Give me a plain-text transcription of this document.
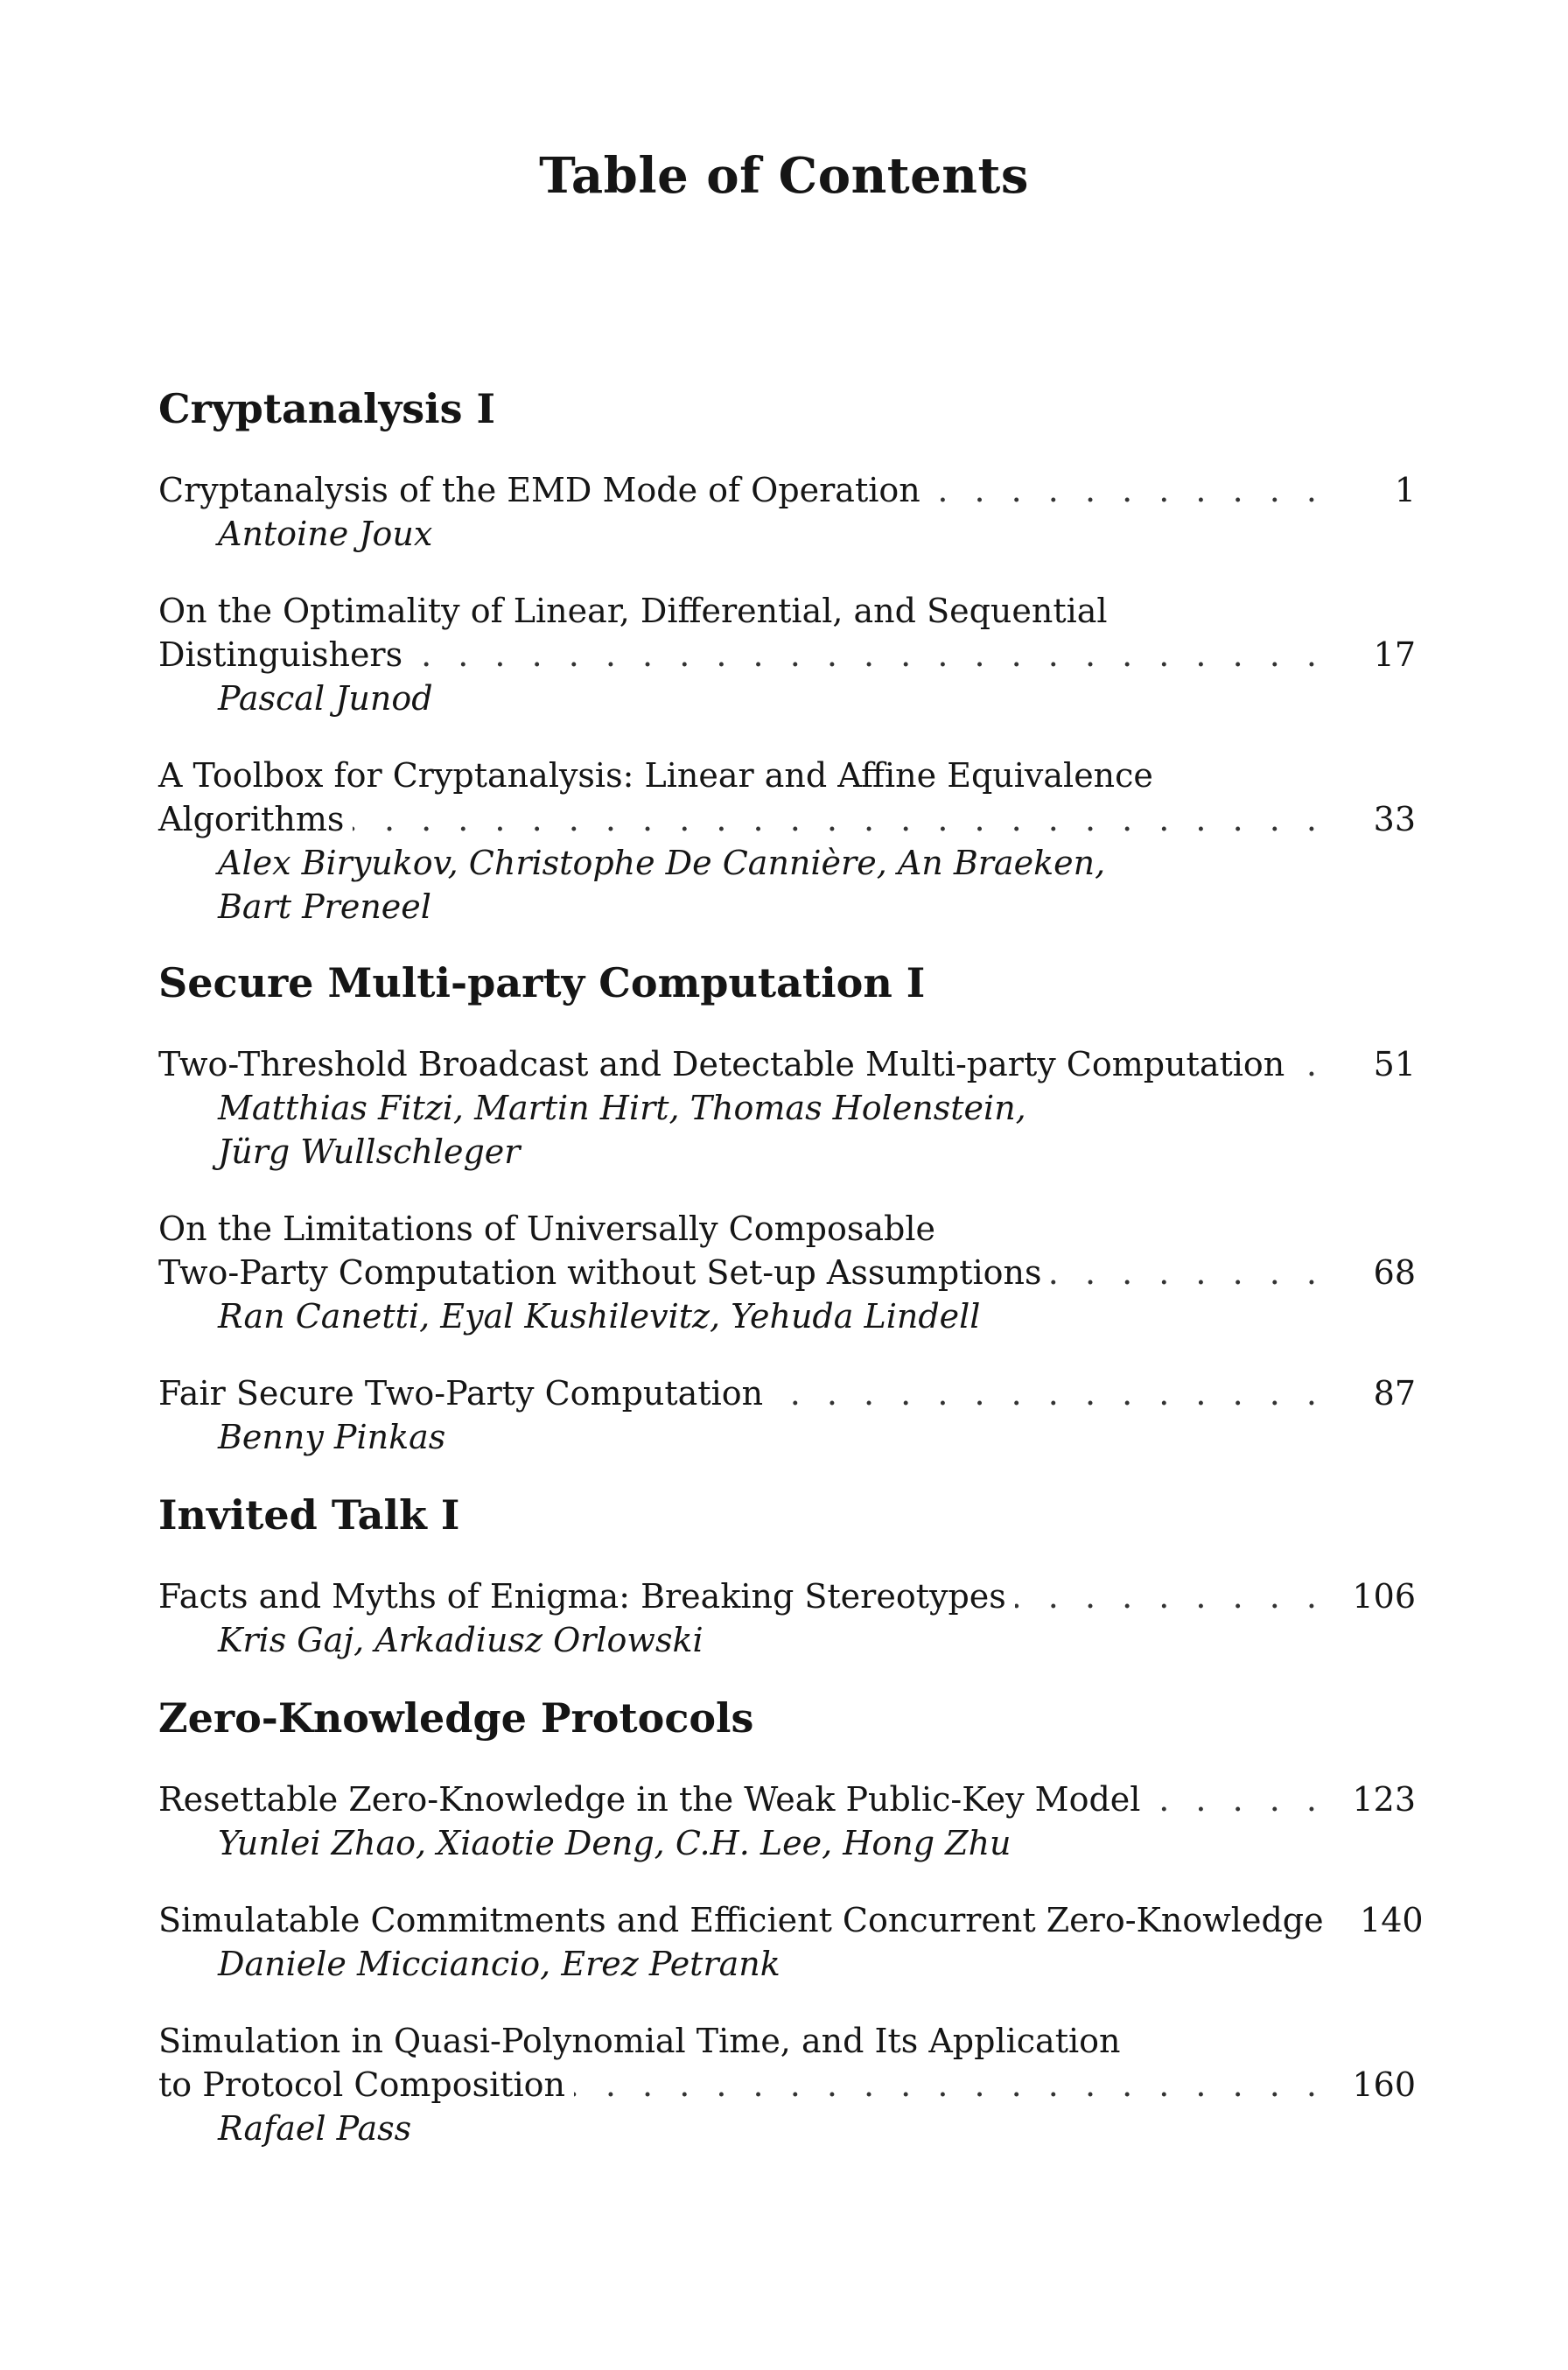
Table of Contents
Cryptanalysis I
Cryptanalysis of the EMD Mode of Operation . . .	1
Antoine Joux
On the Optimality of Linear, Differential, and Sequential
Distinguishers . . .	17
Pascal Junod
A Toolbox for Cryptanalysis: Linear and Affine Equivalence
Algorithms . . .	33
Alex Biryukov, Christophe De Cannière, An Braeken,
Bart Preneel
Secure Multi-party Computation I
Two-Threshold Broadcast and Detectable Multi-party Computation . . .	51
Matthias Fitzi, Martin Hirt, Thomas Holenstein,
Jürg Wullschleger
On the Limitations of Universally Composable
Two-Party Computation without Set-up Assumptions . . .	68
Ran Canetti, Eyal Kushilevitz, Yehuda Lindell
Fair Secure Two-Party Computation . . .	87
Benny Pinkas
Invited Talk I
Facts and Myths of Enigma: Breaking Stereotypes . . .	106
Kris Gaj, Arkadiusz Orlowski
Zero-Knowledge Protocols
Resettable Zero-Knowledge in the Weak Public-Key Model . . .	123
Yunlei Zhao, Xiaotie Deng, C.H. Lee, Hong Zhu
Simulatable Commitments and Efficient Concurrent Zero-Knowledge	140
Daniele Micciancio, Erez Petrank
Simulation in Quasi-Polynomial Time, and Its Application
to Protocol Composition . . .	160
Rafael Pass
